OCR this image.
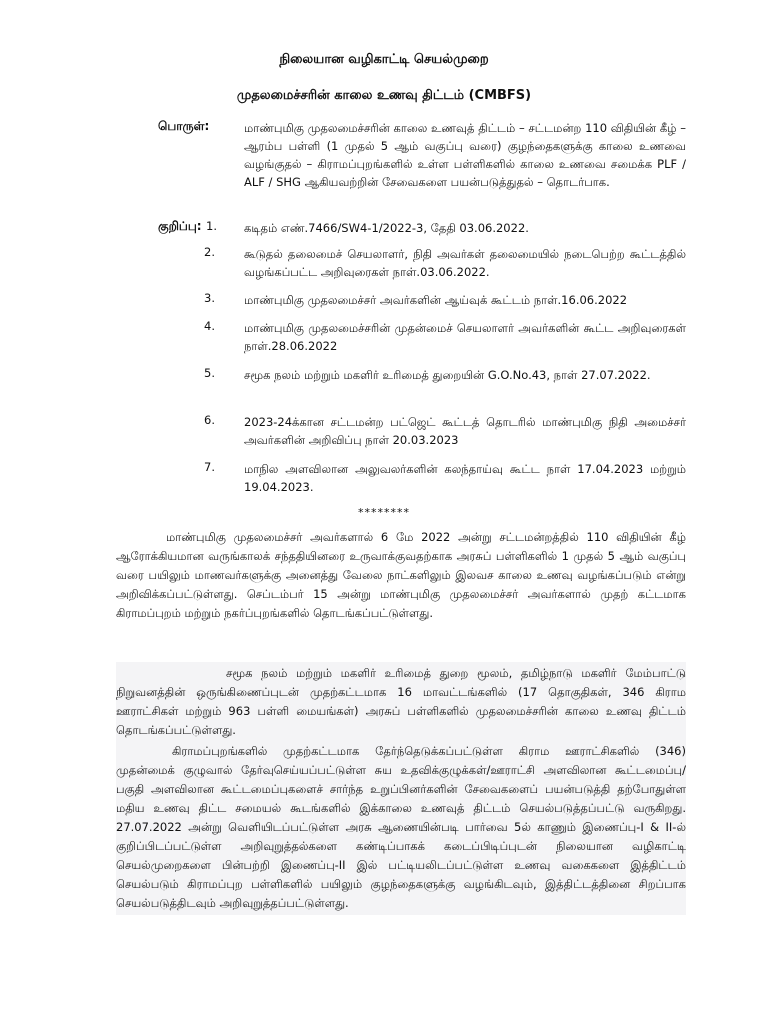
நிலையான வழிகாட்டி செயல்முறை
முதலமைச்சரின் காலை உணவு திட்டம் (CMBFS)
பொருள்:	மாண்புமிகு முதலமைச்சரின் காலை உணவுத் திட்டம் – சட்டமன்ற 110 விதியின் கீழ் – ஆரம்ப பள்ளி (1 முதல் 5 ஆம் வகுப்பு வரை) குழந்தைகளுக்கு காலை உணவை வழங்குதல் – கிராமப்புறங்களில் உள்ள பள்ளிகளில் காலை உணவை சமைக்க PLF / ALF / SHG ஆகியவற்றின் சேவைகளை பயன்படுத்துதல் – தொடர்பாக.

குறிப்பு: 1.	கடிதம் எண்.7466/SW4-1/2022-3, தேதி 03.06.2022.

2.	கூடுதல் தலைமைச் செயலாளர், நிதி அவர்கள் தலைமையில் நடைபெற்ற கூட்டத்தில் வழங்கப்பட்ட அறிவுரைகள் நாள்.03.06.2022.

3.	மாண்புமிகு முதலமைச்சர் அவர்களின் ஆய்வுக் கூட்டம் நாள்.16.06.2022

4.	மாண்புமிகு முதலமைச்சரின் முதன்மைச் செயலாளர் அவர்களின் கூட்ட அறிவுரைகள் நாள்.28.06.2022

5.	சமூக நலம் மற்றும் மகளிர் உரிமைத் துறையின் G.O.No.43, நாள் 27.07.2022.

6.	2023-24க்கான சட்டமன்ற பட்ஜெட் கூட்டத் தொடரில் மாண்புமிகு நிதி அமைச்சர் அவர்களின் அறிவிப்பு நாள் 20.03.2023

7.	மாநில அளவிலான அலுவலர்களின் கலந்தாய்வு கூட்ட நாள் 17.04.2023 மற்றும் 19.04.2023.

********

மாண்புமிகு முதலமைச்சர் அவர்களால் 6 மே 2022 அன்று சட்டமன்றத்தில் 110 விதியின் கீழ் ஆரோக்கியமான வருங்காலக் சந்ததியினரை உருவாக்குவதற்காக அரசுப் பள்ளிகளில் 1 முதல் 5 ஆம் வகுப்பு வரை பயிலும் மாணவர்களுக்கு அனைத்து வேலை நாட்களிலும் இலவச காலை உணவு வழங்கப்படும் என்று அறிவிக்கப்பட்டுள்ளது. செப்டம்பர் 15 அன்று மாண்புமிகு முதலமைச்சர் அவர்களால் முதற் கட்டமாக கிராமப்புறம் மற்றும் நகர்ப்புறங்களில் தொடங்கப்பட்டுள்ளது.

சமூக நலம் மற்றும் மகளிர் உரிமைத் துறை மூலம், தமிழ்நாடு மகளிர் மேம்பாட்டு நிறுவனத்தின் ஒருங்கிணைப்புடன் முதற்கட்டமாக 16 மாவட்டங்களில் (17 தொகுதிகள், 346 கிராம ஊராட்சிகள் மற்றும் 963 பள்ளி மையங்கள்) அரசுப் பள்ளிகளில் முதலமைச்சரின் காலை உணவு திட்டம் தொடங்கப்பட்டுள்ளது.

கிராமப்புறங்களில் முதற்கட்டமாக தேர்ந்தெடுக்கப்பட்டுள்ள கிராம ஊராட்சிகளில் (346) முதன்மைக் குழுவால் தேர்வுசெய்யப்பட்டுள்ள சுய உதவிக்குழுக்கள்/ஊராட்சி அளவிலான கூட்டமைப்பு/ பகுதி அளவிலான கூட்டமைப்புகளைச் சார்ந்த உறுப்பினர்களின் சேவைகளைப் பயன்படுத்தி தற்போதுள்ள மதிய உணவு திட்ட சமையல் கூடங்களில் இக்காலை உணவுத் திட்டம் செயல்படுத்தப்பட்டு வருகிறது. 27.07.2022 அன்று வெளியிடப்பட்டுள்ள அரசு ஆணையின்படி பார்வை 5ல் காணும் இணைப்பு-I & II-ல் குறிப்பிடப்பட்டுள்ள அறிவுறுத்தல்களை கண்டிப்பாகக் கடைப்பிடிப்புடன் நிலையான வழிகாட்டி செயல்முறைகளை பின்பற்றி இணைப்பு-II இல் பட்டியலிடப்பட்டுள்ள உணவு வகைகளை இத்திட்டம் செயல்படும் கிராமப்புற பள்ளிகளில் பயிலும் குழந்தைகளுக்கு வழங்கிடவும், இத்திட்டத்தினை சிறப்பாக செயல்படுத்திடவும் அறிவுறுத்தப்பட்டுள்ளது.
